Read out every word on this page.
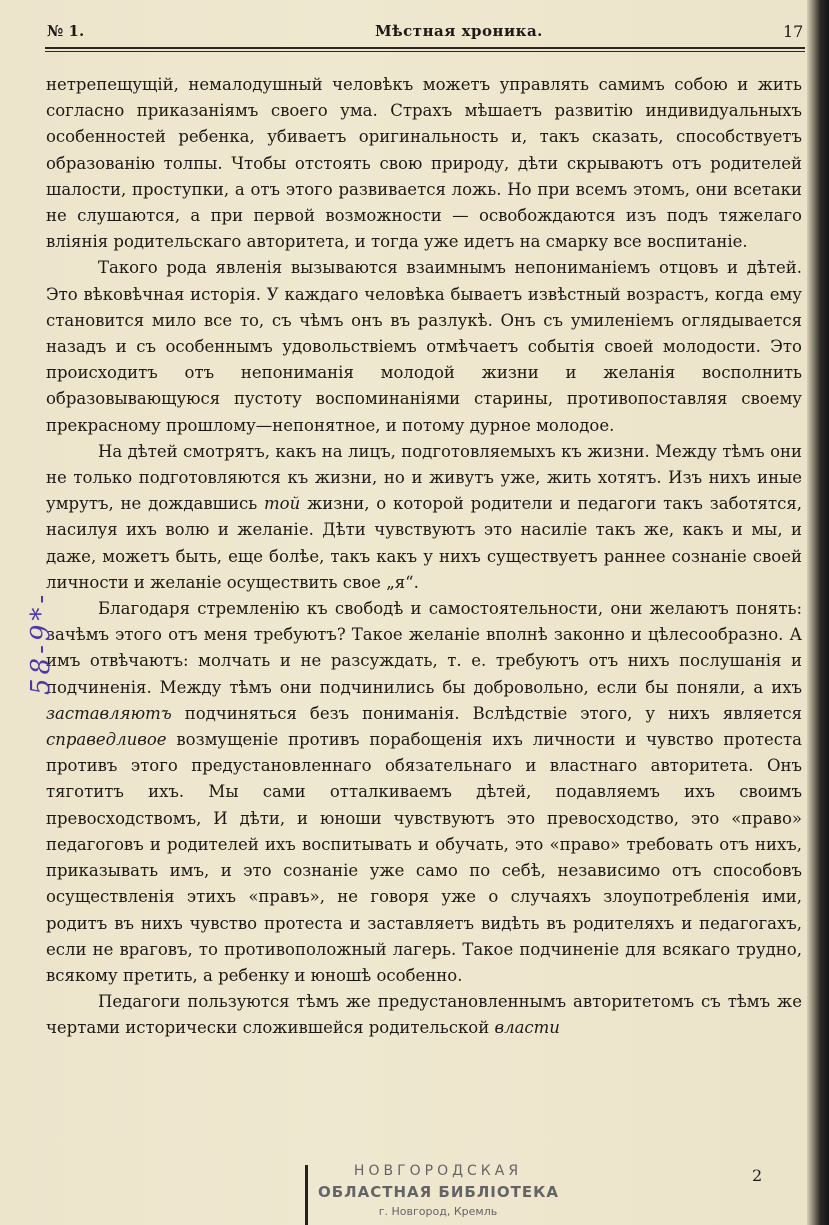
№ 1.	Мѣстная хроника.	17

нетрепещущій, немалодушный человѣкъ можетъ управлять самимъ собою и жить согласно приказаніямъ своего ума. Страхъ мѣшаетъ развитію индивидуальныхъ особенностей ребенка, убиваетъ оригинальность и, такъ сказать, способствуетъ образованію толпы. Чтобы отстоять свою природу, дѣти скрываютъ отъ родителей шалости, проступки, а отъ этого развивается ложь. Но при всемъ этомъ, они всетаки не слушаются, а при первой возможности — освобождаются изъ подъ тяжелаго вліянія родительскаго авторитета, и тогда уже идетъ на смарку все воспитаніе.

Такого рода явленія вызываются взаимнымъ непониманіемъ отцовъ и дѣтей. Это вѣковѣчная исторія. У каждаго человѣка бываетъ извѣстный возрастъ, когда ему становится мило все то, съ чѣмъ онъ въ разлукѣ. Онъ съ умиленіемъ оглядывается назадъ и съ особеннымъ удовольствіемъ отмѣчаетъ событія своей молодости. Это происходитъ отъ непониманія молодой жизни и желанія восполнить образовывающуюся пустоту воспоминаніями старины, противопоставляя своему прекрасному прошлому—непонятное, и потому дурное молодое.

На дѣтей смотрятъ, какъ на лицъ, подготовляемыхъ къ жизни. Между тѣмъ они не только подготовляются къ жизни, но и живутъ уже, жить хотятъ. Изъ нихъ иные умрутъ, не дождавшись той жизни, о которой родители и педагоги такъ заботятся, насилуя ихъ волю и желаніе. Дѣти чувствуютъ это насиліе такъ же, какъ и мы, и даже, можетъ быть, еще болѣе, такъ какъ у нихъ существуетъ раннее сознаніе своей личности и желаніе осуществить свое „я“.

Благодаря стремленію къ свободѣ и самостоятельности, они желаютъ понять: зачѣмъ этого отъ меня требуютъ? Такое желаніе вполнѣ законно и цѣлесообразно. А имъ отвѣчаютъ: молчать и не разсуждать, т. е. требуютъ отъ нихъ послушанія и подчиненія. Между тѣмъ они подчинились бы добровольно, если бы поняли, а ихъ заставляютъ подчиняться безъ пониманія. Вслѣдствіе этого, у нихъ является справедливое возмущеніе противъ порабощенія ихъ личности и чувство протеста противъ этого предустановленнаго обязательнаго и властнаго авторитета. Онъ тяготитъ ихъ. Мы сами отталкиваемъ дѣтей, подавляемъ ихъ своимъ превосходствомъ, И дѣти, и юноши чувствуютъ это превосходство, это «право» педагоговъ и родителей ихъ воспитывать и обучать, это «право» требовать отъ нихъ, приказывать имъ, и это сознаніе уже само по себѣ, независимо отъ способовъ осуществленія этихъ «правъ», не говоря уже о случаяхъ злоупотребленія ими, родитъ въ нихъ чувство протеста и заставляетъ видѣть въ родителяхъ и педагогахъ, если не враговъ, то противоположный лагерь. Такое подчиненіе для всякаго трудно, всякому претить, а ребенку и юношѣ особенно.

Педагоги пользуются тѣмъ же предустановленнымъ авторитетомъ съ тѣмъ же чертами исторически сложившейся родительской власти

58-9*-
НОВГОРОДСКАЯ
ОБЛАСТНАЯ БИБЛІОТЕКА
г. Новгород, Кремль
2
